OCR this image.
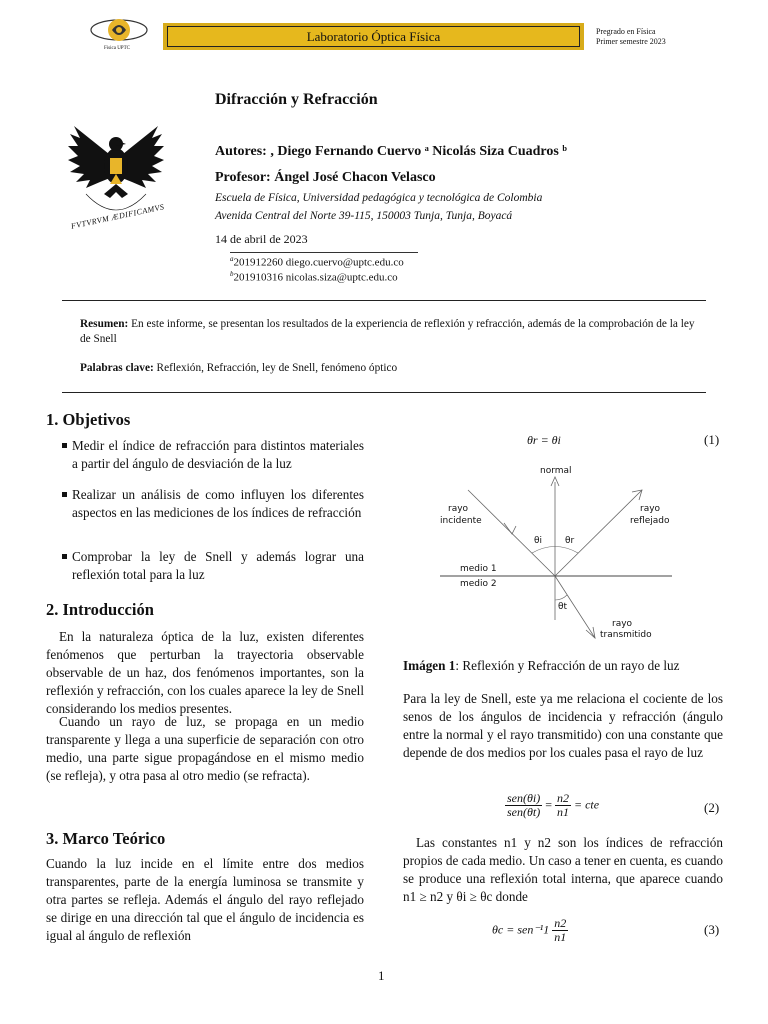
Fisica UPTC
Laboratorio Óptica Física	Pregrado en Física
Primer semestre 2023
FVTVRVM ÆDIFICAMVS
Difracción y Refracción
Autores: , Diego Fernando Cuervo ᵃ Nicolás Siza Cuadros ᵇ
Profesor: Ángel José Chacon Velasco
Escuela de Física, Universidad pedagógica y tecnológica de Colombia
Avenida Central del Norte 39-115, 150003 Tunja, Tunja, Boyacá
14 de abril de 2023
$^a$201912260 diego.cuervo@uptc.edu.co
$^b$201910316 nicolas.siza@uptc.edu.co
Resumen: En este informe, se presentan los resultados de la experiencia de reflexión y refracción, además de la comprobación de la ley de Snell
Palabras clave: Reflexión, Refracción, ley de Snell, fenómeno óptico
1. Objetivos
Medir el índice de refracción para distintos materiales a partir del ángulo de desviación de la luz
Realizar un análisis de como influyen los diferentes aspectos en las mediciones de los índices de refracción
Comprobar la ley de Snell y además lograr una reflexión total para la luz
2. Introducción
En la naturaleza óptica de la luz, existen diferentes fenómenos que perturban la trayectoria observable observable de un haz, dos fenómenos importantes, son la reflexión y refracción, con los cuales aparece la ley de Snell considerando los medios presentes.
Cuando un rayo de luz, se propaga en un medio transparente y llega a una superficie de separación con otro medio, una parte sigue propagándose en el mismo medio (se refleja), y otra pasa al otro medio (se refracta).
3. Marco Teórico
Cuando la luz incide en el límite entre dos medios transparentes, parte de la energía luminosa se transmite y otra partes se refleja. Además el ángulo del rayo reflejado se dirige en una dirección tal que el ángulo de incidencia es igual al ángulo de reflexión
θr = θi	(1)
normal
rayo
incidente
rayo
reflejado
θi	θr
medio 1
medio 2
θt
rayo
transmitido
Imágen 1: Reflexión y Refracción de un rayo de luz
Para la ley de Snell, este ya me relaciona el cociente de los senos de los ángulos de incidencia y refracción (ángulo entre la normal y el rayo transmitido) con una constante que depende de dos medios por los cuales pasa el rayo de luz
$\frac{\text{sen(θi)}}{\text{sen(θt)}} = \frac{n2}{n1}$ = cte	(2)
Las constantes n1 y n2 son los índices de refracción propios de cada medio. Un caso a tener en cuenta, es cuando se produce una reflexión total interna, que aparece cuando n1 ≥ n2 y θi ≥ θc donde
$\theta c = sen^{-1}1 \frac{n2}{n1}$	(3)
1
